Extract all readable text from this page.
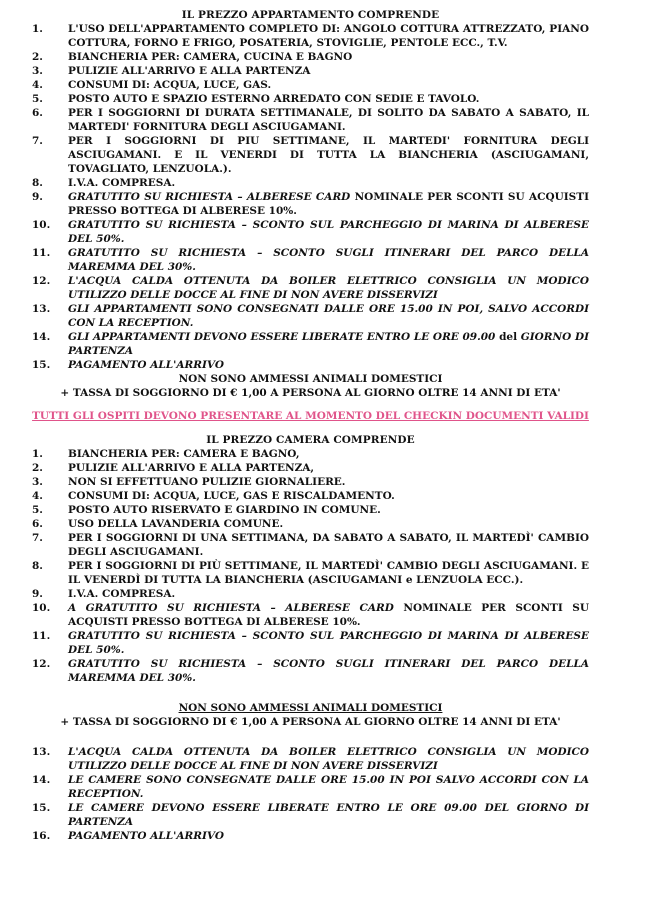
IL PREZZO APPARTAMENTO COMPRENDE

1.	L'USO DELL'APPARTAMENTO COMPLETO DI: ANGOLO COTTURA ATTREZZATO, PIANO COTTURA, FORNO E FRIGO, POSATERIA, STOVIGLIE, PENTOLE ECC., T.V.
2.	BIANCHERIA PER: CAMERA, CUCINA E BAGNO
3.	PULIZIE ALL'ARRIVO E ALLA PARTENZA
4.	CONSUMI DI: ACQUA, LUCE, GAS.
5.	POSTO AUTO E SPAZIO ESTERNO ARREDATO CON SEDIE E TAVOLO.
6.	PER I SOGGIORNI DI DURATA SETTIMANALE, DI SOLITO DA SABATO A SABATO, IL MARTEDI' FORNITURA DEGLI ASCIUGAMANI.
7.	PER I SOGGIORNI DI PIU SETTIMANE, IL MARTEDI' FORNITURA DEGLI ASCIUGAMANI. E IL VENERDI DI TUTTA LA BIANCHERIA (ASCIUGAMANI, TOVAGLIATO, LENZUOLA.).
8.	I.V.A. COMPRESA.
9.	GRATUTITO SU RICHIESTA – ALBERESE CARD NOMINALE PER SCONTI SU ACQUISTI PRESSO BOTTEGA DI ALBERESE 10%.
10.	GRATUTITO SU RICHIESTA – SCONTO SUL PARCHEGGIO DI MARINA DI ALBERESE DEL 50%.
11.	GRATUTITO SU RICHIESTA – SCONTO SUGLI ITINERARI DEL PARCO DELLA MAREMMA DEL 30%.
12.	L'ACQUA CALDA OTTENUTA DA BOILER ELETTRICO CONSIGLIA UN MODICO UTILIZZO DELLE DOCCE AL FINE DI NON AVERE DISSERVIZI
13.	GLI APPARTAMENTI SONO CONSEGNATI DALLE ORE 15.00 IN POI, SALVO ACCORDI CON LA RECEPTION.
14.	GLI APPARTAMENTI DEVONO ESSERE LIBERATE ENTRO LE ORE 09.00 del GIORNO DI PARTENZA
15.	PAGAMENTO ALL'ARRIVO
NON SONO AMMESSI ANIMALI DOMESTICI
+ TASSA DI SOGGIORNO DI € 1,00 A PERSONA AL GIORNO OLTRE 14 ANNI DI ETA'
TUTTI GLI OSPITI DEVONO PRESENTARE AL MOMENTO DEL CHECKIN DOCUMENTI VALIDI

IL PREZZO CAMERA COMPRENDE

1.	BIANCHERIA PER: CAMERA E BAGNO,
2.	PULIZIE ALL'ARRIVO E ALLA PARTENZA,
3.	NON SI EFFETTUANO PULIZIE GIORNALIERE.
4.	CONSUMI DI: ACQUA, LUCE, GAS E RISCALDAMENTO.
5.	POSTO AUTO RISERVATO E GIARDINO IN COMUNE.
6.	USO DELLA LAVANDERIA COMUNE.
7.	PER I SOGGIORNI DI UNA SETTIMANA, DA SABATO A SABATO, IL MARTEDÌ' CAMBIO DEGLI ASCIUGAMANI.
8.	PER I SOGGIORNI DI PIÙ SETTIMANE, IL MARTEDÌ' CAMBIO DEGLI ASCIUGAMANI. E IL VENERDÌ DI TUTTA LA BIANCHERIA (ASCIUGAMANI e LENZUOLA ECC.).
9.	I.V.A. COMPRESA.
10.	A GRATUTITO SU RICHIESTA – ALBERESE CARD NOMINALE PER SCONTI SU ACQUISTI PRESSO BOTTEGA DI ALBERESE 10%.
11.	GRATUTITO SU RICHIESTA – SCONTO SUL PARCHEGGIO DI MARINA DI ALBERESE DEL 50%.
12.	GRATUTITO SU RICHIESTA – SCONTO SUGLI ITINERARI DEL PARCO DELLA MAREMMA DEL 30%.
NON SONO AMMESSI ANIMALI DOMESTICI
+ TASSA DI SOGGIORNO DI € 1,00 A PERSONA AL GIORNO OLTRE 14 ANNI DI ETA'
13.	L'ACQUA CALDA OTTENUTA DA BOILER ELETTRICO CONSIGLIA UN MODICO UTILIZZO DELLE DOCCE AL FINE DI NON AVERE DISSERVIZI
14.	LE CAMERE SONO CONSEGNATE DALLE ORE 15.00 IN POI SALVO ACCORDI CON LA RECEPTION.
15.	LE CAMERE DEVONO ESSERE LIBERATE ENTRO LE ORE 09.00 DEL GIORNO DI PARTENZA
16.	PAGAMENTO ALL'ARRIVO
